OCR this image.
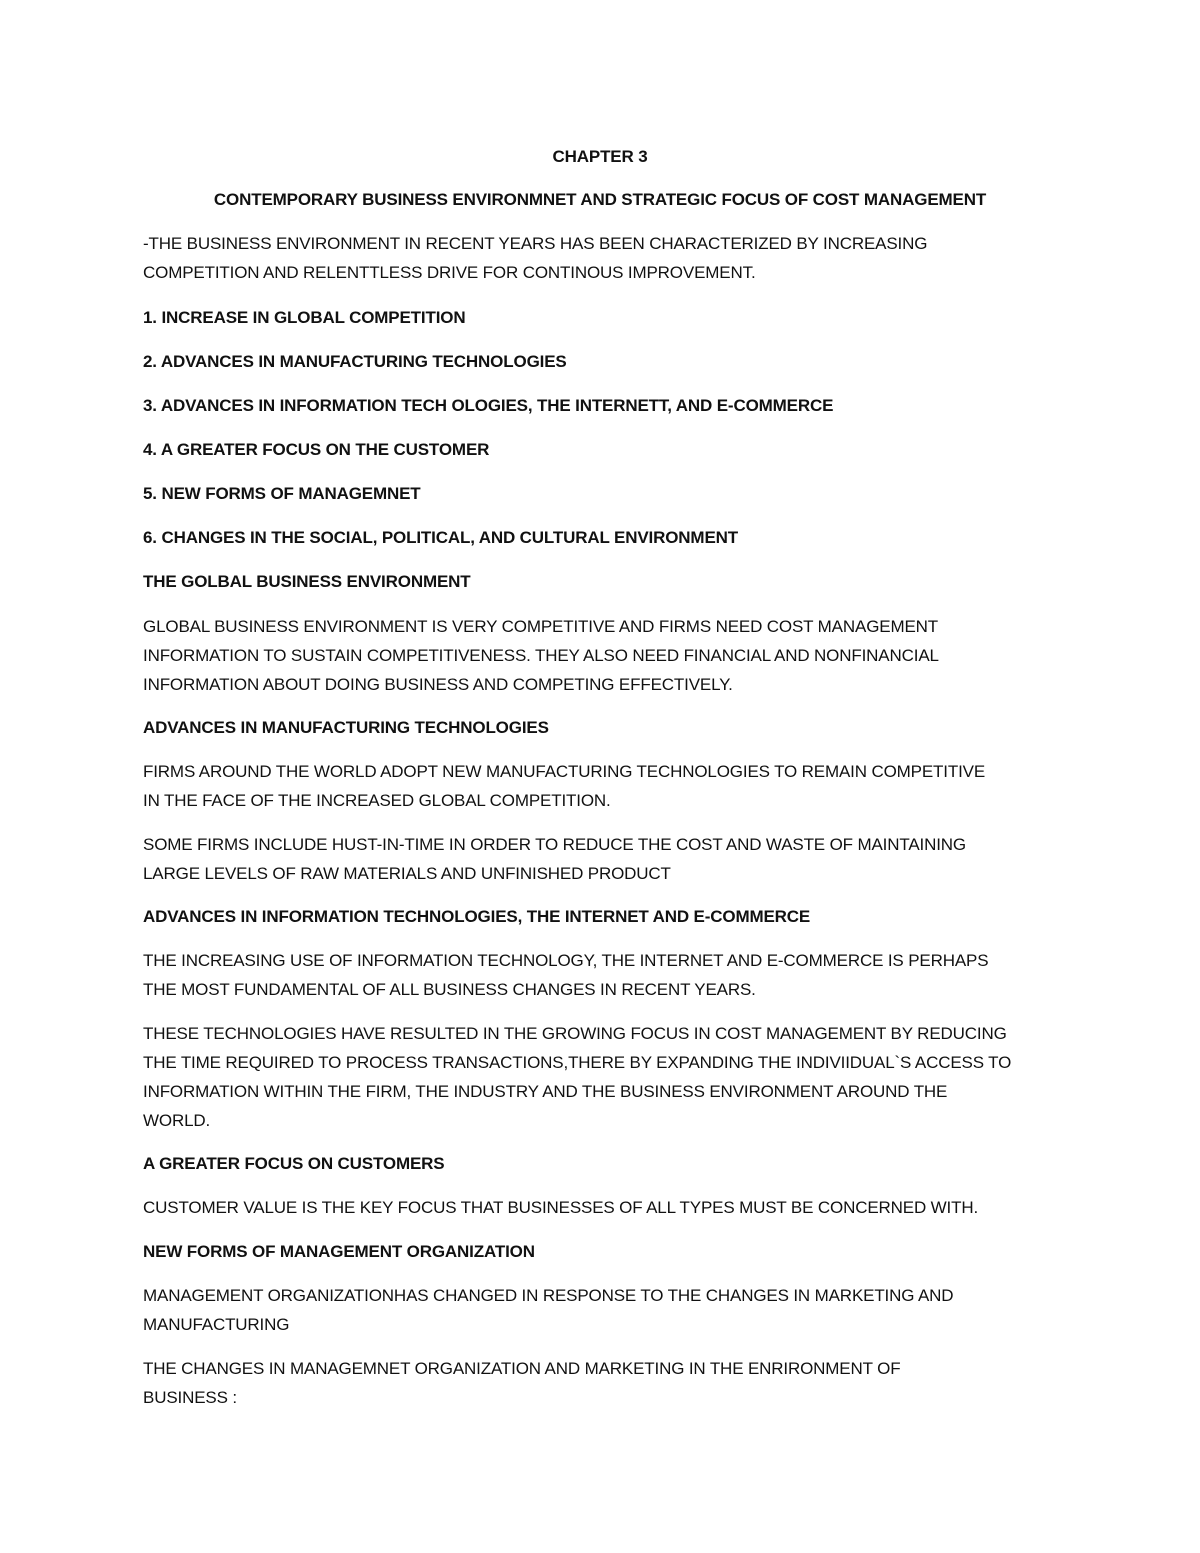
CHAPTER 3

CONTEMPORARY BUSINESS ENVIRONMNET AND STRATEGIC FOCUS OF COST MANAGEMENT

-THE BUSINESS ENVIRONMENT IN RECENT YEARS HAS BEEN CHARACTERIZED BY INCREASING

COMPETITION AND RELENTTLESS DRIVE FOR CONTINOUS IMPROVEMENT.

1. INCREASE IN GLOBAL COMPETITION

2. ADVANCES IN MANUFACTURING TECHNOLOGIES

3. ADVANCES IN INFORMATION TECH OLOGIES, THE INTERNETT, AND E-COMMERCE

4. A GREATER FOCUS ON THE CUSTOMER

5. NEW FORMS OF MANAGEMNET

6. CHANGES IN THE SOCIAL, POLITICAL, AND CULTURAL ENVIRONMENT

THE GOLBAL BUSINESS ENVIRONMENT

GLOBAL BUSINESS ENVIRONMENT IS VERY COMPETITIVE AND FIRMS NEED COST MANAGEMENT

INFORMATION TO SUSTAIN COMPETITIVENESS. THEY ALSO NEED FINANCIAL AND NONFINANCIAL

INFORMATION ABOUT DOING BUSINESS AND COMPETING EFFECTIVELY.

ADVANCES IN MANUFACTURING TECHNOLOGIES

FIRMS AROUND THE WORLD ADOPT NEW MANUFACTURING TECHNOLOGIES TO REMAIN COMPETITIVE

IN THE FACE OF THE INCREASED GLOBAL COMPETITION.

SOME FIRMS INCLUDE HUST-IN-TIME IN ORDER TO REDUCE THE COST AND WASTE OF MAINTAINING

LARGE LEVELS OF RAW MATERIALS AND UNFINISHED PRODUCT

ADVANCES IN INFORMATION TECHNOLOGIES, THE INTERNET AND E-COMMERCE

THE INCREASING USE OF INFORMATION TECHNOLOGY, THE INTERNET AND E-COMMERCE IS PERHAPS

THE MOST FUNDAMENTAL OF ALL BUSINESS CHANGES IN RECENT YEARS.

THESE TECHNOLOGIES HAVE RESULTED IN THE GROWING FOCUS IN COST MANAGEMENT BY REDUCING

THE TIME REQUIRED TO PROCESS TRANSACTIONS,THERE BY EXPANDING THE INDIVIIDUAL`S ACCESS TO

INFORMATION WITHIN THE FIRM, THE INDUSTRY AND THE BUSINESS ENVIRONMENT AROUND THE

WORLD.

A GREATER FOCUS ON CUSTOMERS

CUSTOMER VALUE IS THE KEY FOCUS THAT BUSINESSES OF ALL TYPES MUST BE CONCERNED WITH.

NEW FORMS OF MANAGEMENT ORGANIZATION

MANAGEMENT ORGANIZATIONHAS CHANGED IN RESPONSE TO THE CHANGES IN MARKETING AND

MANUFACTURING

THE CHANGES IN MANAGEMNET ORGANIZATION AND MARKETING IN THE ENRIRONMENT OF

BUSINESS :
